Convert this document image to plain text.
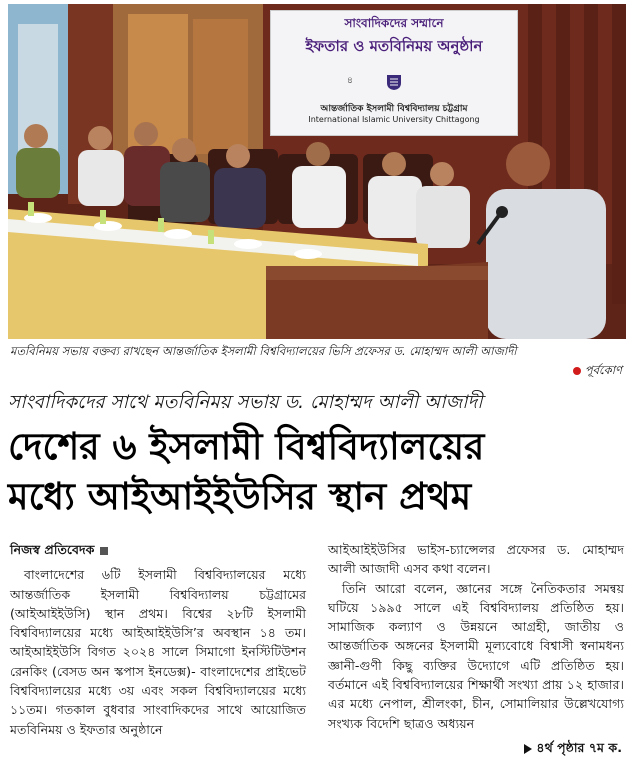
সাংবাদিকদের সম্মানে
ইফতার ও মতবিনিময় অনুষ্ঠান
৪
আন্তর্জাতিক ইসলামী বিশ্ববিদ্যালয় চট্টগ্রাম
International Islamic University Chittagong
মতবিনিময় সভায় বক্তব্য রাখছেন আন্তর্জাতিক ইসলামী বিশ্ববিদ্যালয়ের ভিসি প্রফেসর ড. মোহাম্মদ আলী আজাদী
পূর্বকোণ
সাংবাদিকদের সাথে মতবিনিময় সভায় ড. মোহাম্মদ আলী আজাদী
দেশের ৬ ইসলামী বিশ্ববিদ্যালয়ের
মধ্যে আইআইইউসির স্থান প্রথম
নিজস্ব প্রতিবেদক

বাংলাদেশের ৬টি ইসলামী বিশ্ববিদ্যালয়ের মধ্যে আন্তর্জাতিক ইসলামী বিশ্ববিদ্যালয় চট্টগ্রামের (আইআইইউসি) স্থান প্রথম। বিশ্বের ২৮টি ইসলামী বিশ্ববিদ্যালয়ের মধ্যে আইআইইউসি’র অবস্থান ১৪ তম। আইআইইউসি বিগত ২০২৪ সালে সিমাগো ইনস্টিটিউশন রেনকিং (বেসড অন স্কপাস ইনডেক্স)- বাংলাদেশের প্রাইভেট বিশ্ববিদ্যালয়ের মধ্যে ৩য় এবং সকল বিশ্ববিদ্যালয়ের মধ্যে ১১তম। গতকাল বুধবার সাংবাদিকদের সাথে আয়োজিত মতবিনিময় ও ইফতার অনুষ্ঠানে

আইআইইউসির ভাইস-চ্যান্সেলর প্রফেসর ড. মোহাম্মদ আলী আজাদী এসব কথা বলেন।

তিনি আরো বলেন, জ্ঞানের সঙ্গে নৈতিকতার সমন্বয় ঘটিয়ে ১৯৯৫ সালে এই বিশ্ববিদ্যালয় প্রতিষ্ঠিত হয়। সামাজিক কল্যাণ ও উন্নয়নে আগ্রহী, জাতীয় ও আন্তর্জাতিক অঙ্গনের ইসলামী মূল্যবোধে বিশ্বাসী স্বনামধন্য জ্ঞানী-গুণী কিছু ব্যক্তির উদ্যোগে এটি প্রতিষ্ঠিত হয়। বর্তমানে এই বিশ্ববিদ্যালয়ের শিক্ষার্থী সংখ্যা প্রায় ১২ হাজার। এর মধ্যে নেপাল, শ্রীলংকা, চীন, সোমালিয়ার উল্লেখযোগ্য সংখ্যক বিদেশি ছাত্রও অধ্যয়ন

৪র্থ পৃষ্ঠার ৭ম ক.
